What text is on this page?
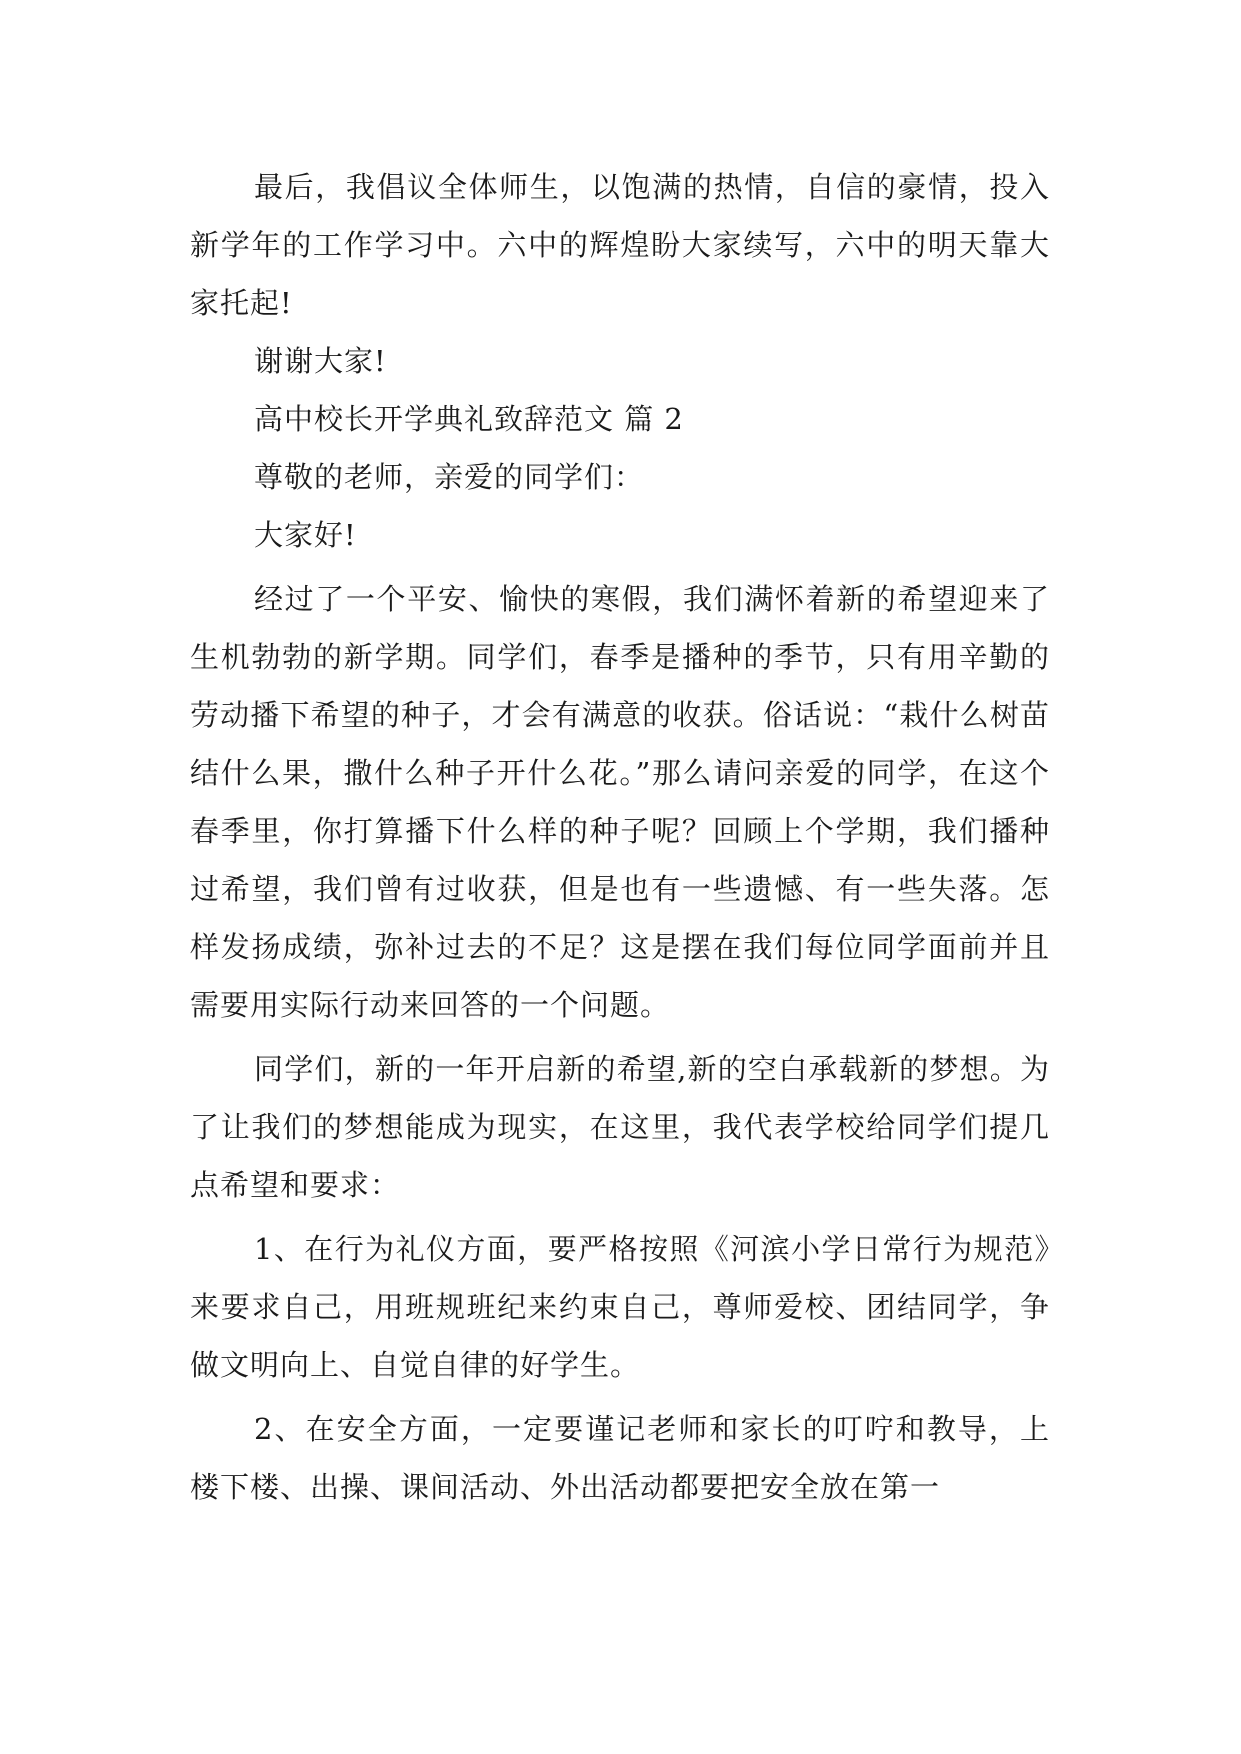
最后，我倡议全体师生，以饱满的热情，自信的豪情，投入新学年的工作学习中。六中的辉煌盼大家续写，六中的明天靠大家托起!

谢谢大家!

高中校长开学典礼致辞范文 篇 2

尊敬的老师，亲爱的同学们：

大家好!

经过了一个平安、愉快的寒假，我们满怀着新的希望迎来了生机勃勃的新学期。同学们，春季是播种的季节，只有用辛勤的劳动播下希望的种子，才会有满意的收获。俗话说：“栽什么树苗结什么果，撒什么种子开什么花。”那么请问亲爱的同学，在这个春季里，你打算播下什么样的种子呢？回顾上个学期，我们播种过希望，我们曾有过收获，但是也有一些遗憾、有一些失落。怎样发扬成绩，弥补过去的不足？这是摆在我们每位同学面前并且需要用实际行动来回答的一个问题。

同学们，新的一年开启新的希望,新的空白承载新的梦想。为了让我们的梦想能成为现实，在这里，我代表学校给同学们提几点希望和要求：

1、在行为礼仪方面，要严格按照《河滨小学日常行为规范》来要求自己，用班规班纪来约束自己，尊师爱校、团结同学，争做文明向上、自觉自律的好学生。

2、在安全方面，一定要谨记老师和家长的叮咛和教导，上楼下楼、出操、课间活动、外出活动都要把安全放在第一
